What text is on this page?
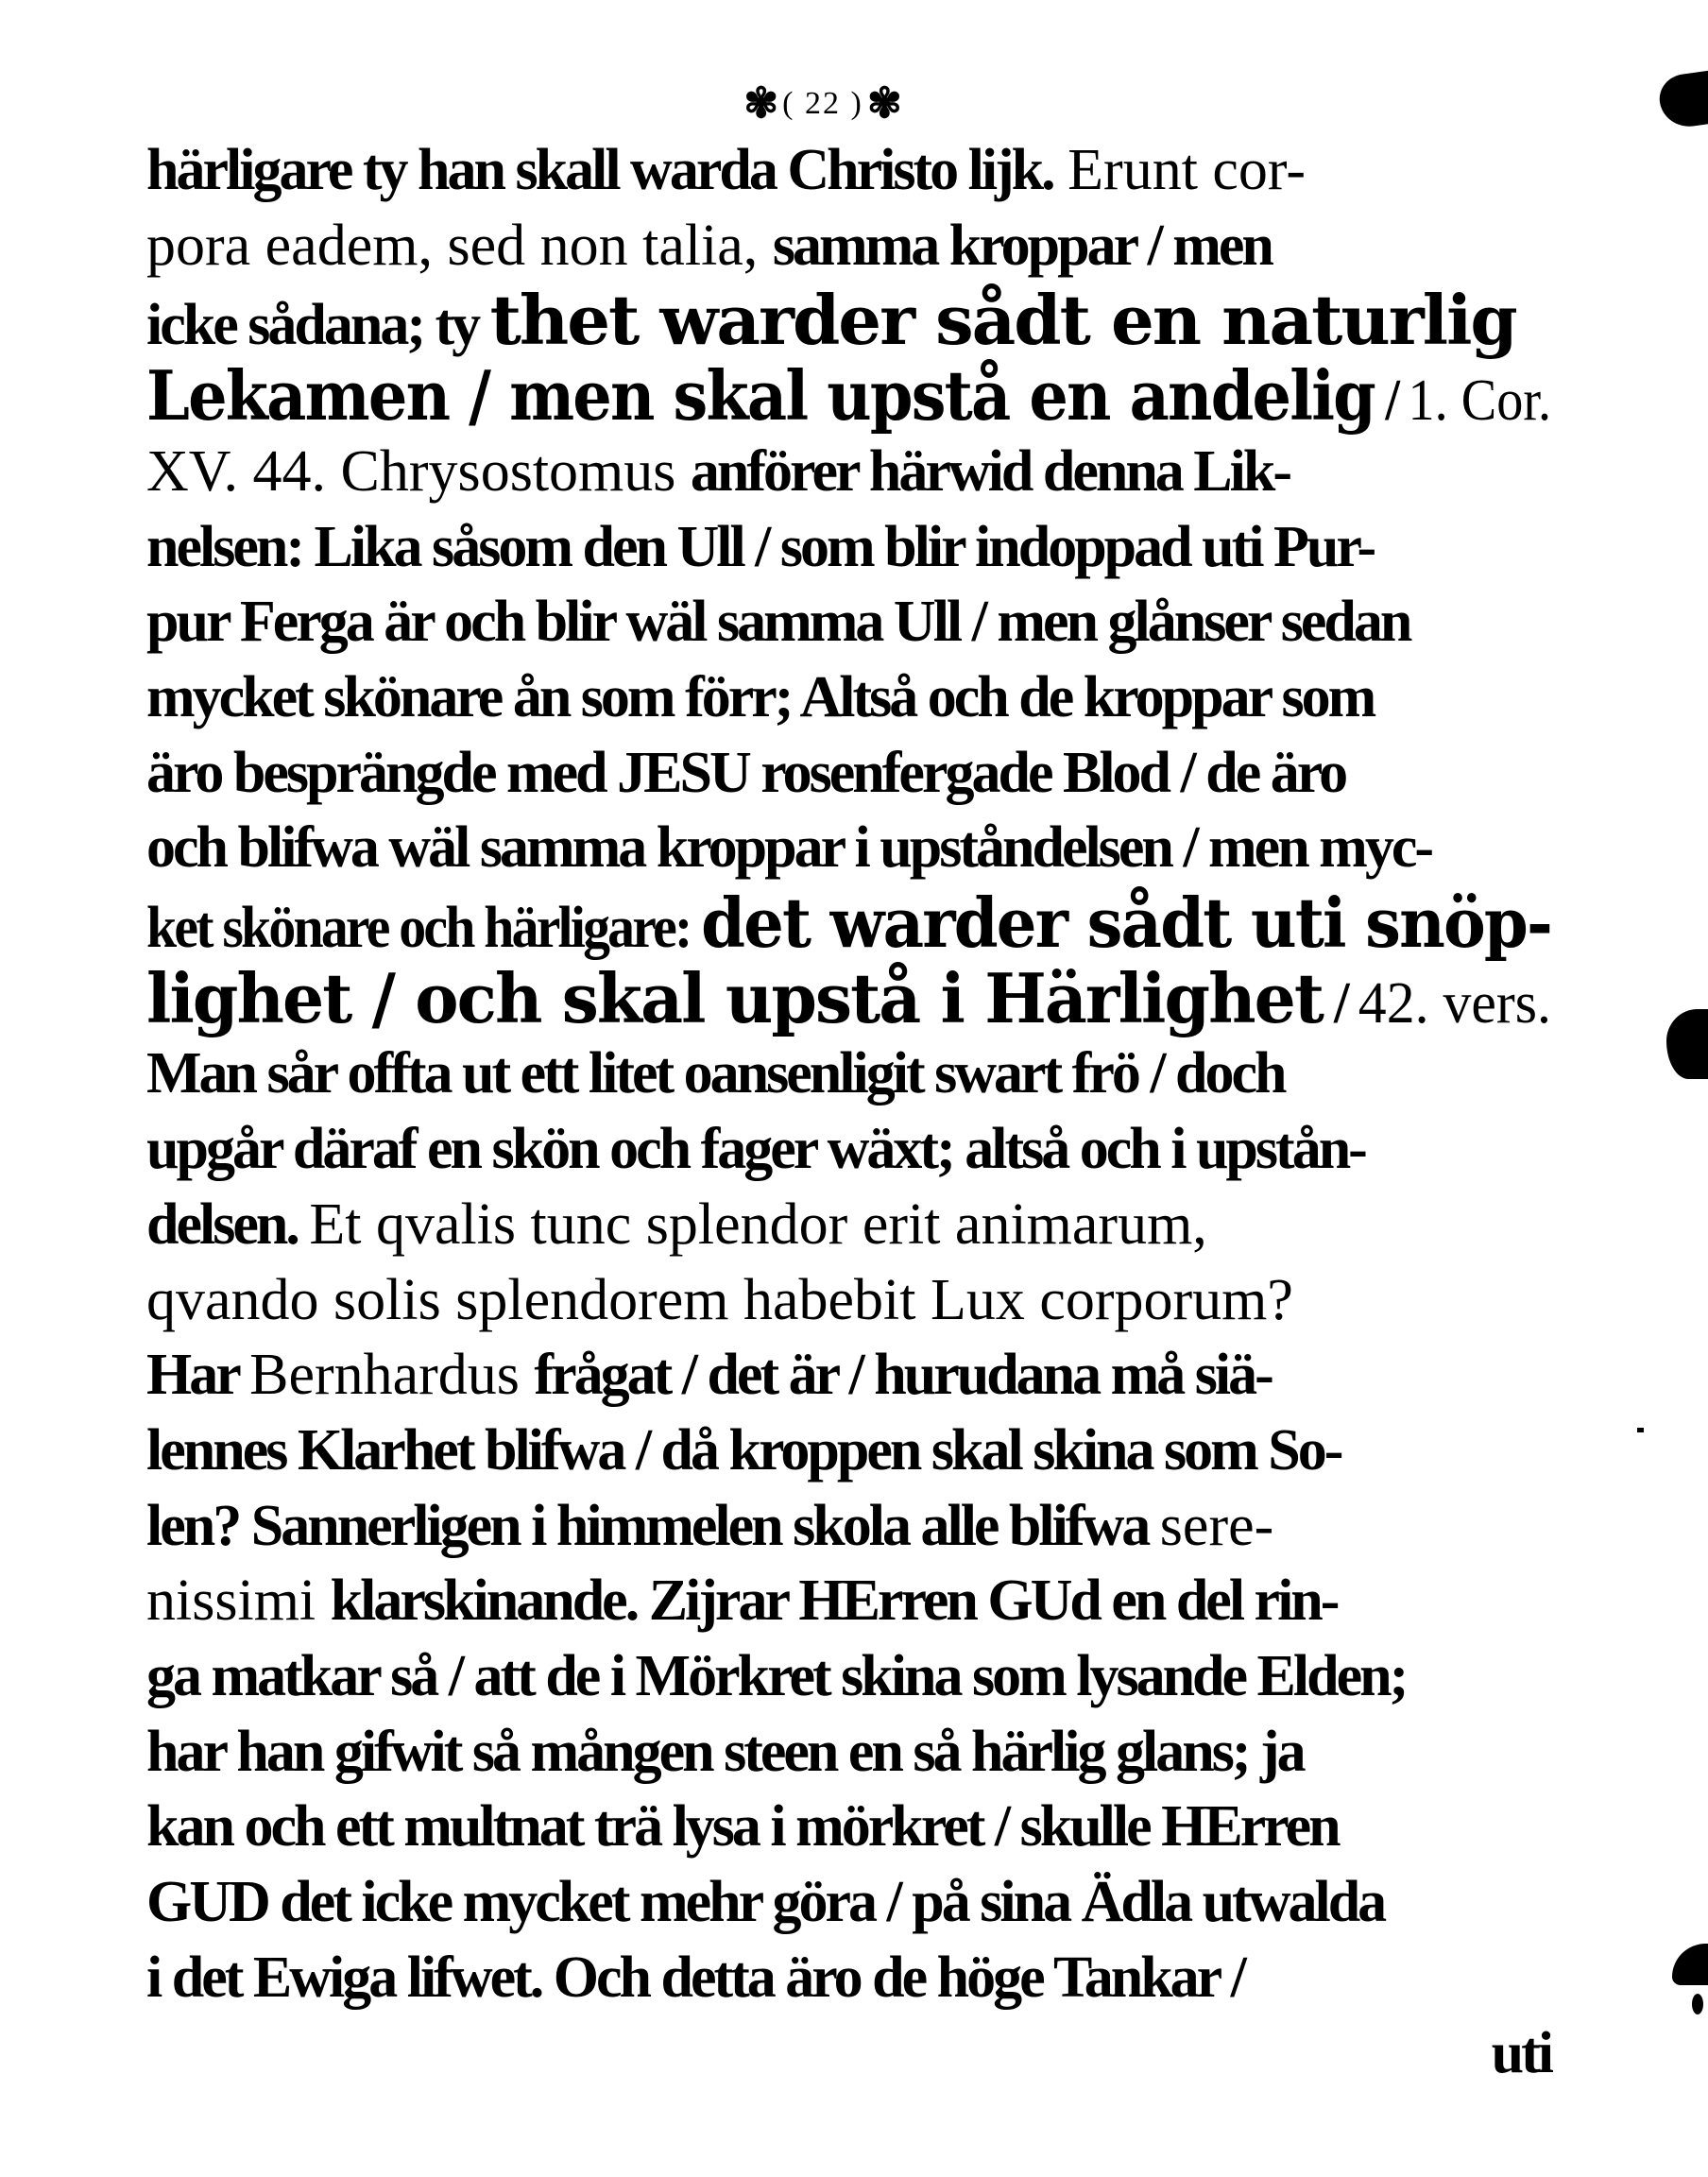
✾ ( 22 ) ✾
härligare ty han skall warda Christo lijk. Erunt cor-
pora eadem, sed non talia, samma kroppar / men
icke sådana; ty thet warder sådt en naturlig
Lekamen / men skal upstå en andelig / 1. Cor.
XV. 44. Chrysostomus anförer härwid denna Lik-
nelsen: Lika såsom den Ull / som blir indoppad uti Pur-
pur Ferga är och blir wäl samma Ull / men glånser sedan
mycket skönare ån som förr; Altså och de kroppar som
äro besprängde med JESU rosenfergade Blod / de äro
och blifwa wäl samma kroppar i upståndelsen / men myc-
ket skönare och härligare: det warder sådt uti snöp-
lighet / och skal upstå i Härlighet / 42. vers.
Man sår offta ut ett litet oansenligit swart frö / doch
upgår däraf en skön och fager wäxt; altså och i upstån-
delsen. Et qvalis tunc splendor erit animarum,
qvando solis splendorem habebit Lux corporum?
Har Bernhardus frågat / det är / hurudana må siä-
lennes Klarhet blifwa / då kroppen skal skina som So-
len? Sannerligen i himmelen skola alle blifwa sere-
nissimi klarskinande. Zijrar HErren GUd en del rin-
ga matkar så / att de i Mörkret skina som lysande Elden;
har han gifwit så mången steen en så härlig glans; ja
kan och ett multnat trä lysa i mörkret / skulle HErren
GUD det icke mycket mehr göra / på sina Ädla utwalda
i det Ewiga lifwet. Och detta äro de höge Tankar /
uti
